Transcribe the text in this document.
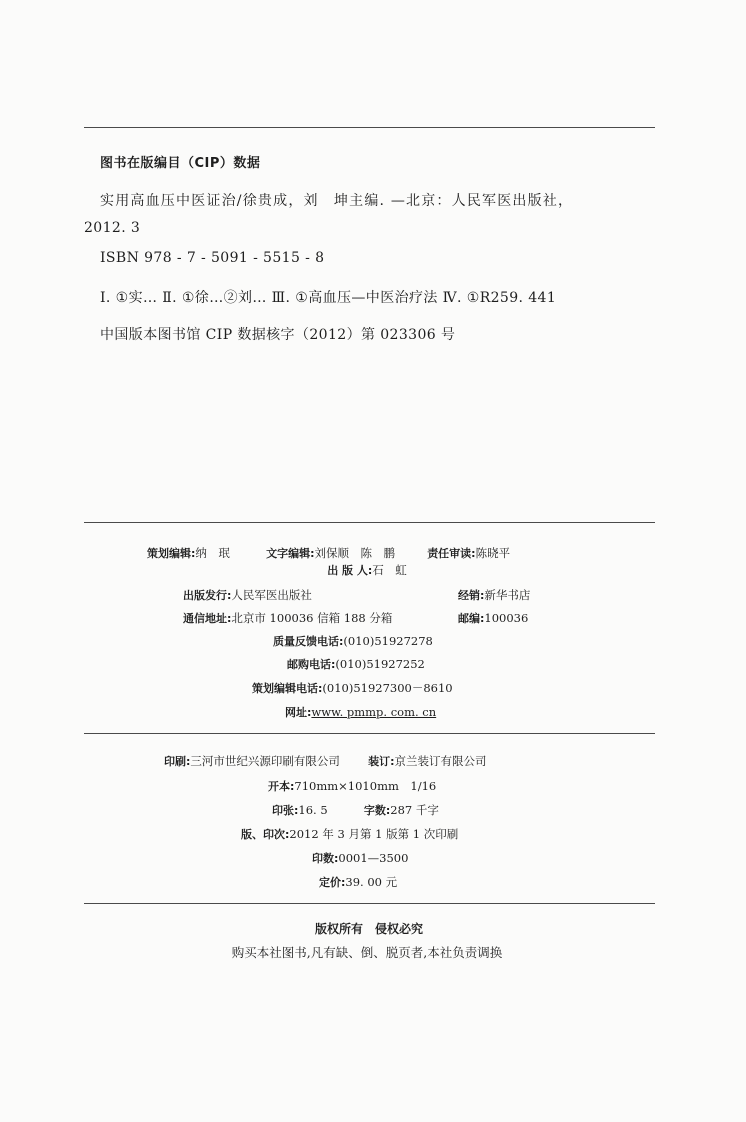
图书在版编目（CIP）数据
实用高血压中医证治/徐贵成，刘　坤主编. —北京：人民军医出版社，
2012. 3
ISBN 978 - 7 - 5091 - 5515 - 8
Ⅰ. ①实… Ⅱ. ①徐…②刘… Ⅲ. ①高血压—中医治疗法 Ⅳ. ①R259. 441
中国版本图书馆 CIP 数据核字（2012）第 023306 号
策划编辑:纳　珉	文字编辑:刘保顺　陈　鹏	责任审读:陈晓平
出 版 人:石　虹
出版发行:人民军医出版社	经销:新华书店
通信地址:北京市 100036 信箱 188 分箱	邮编:100036
质量反馈电话:(010)51927278
邮购电话:(010)51927252
策划编辑电话:(010)51927300－8610
网址:www. pmmp. com. cn
印刷:三河市世纪兴源印刷有限公司	装订:京兰装订有限公司
开本:710mm×1010mm　1/16
印张:16. 5	字数:287 千字
版、印次:2012 年 3 月第 1 版第 1 次印刷
印数:0001—3500
定价:39. 00 元
版权所有　侵权必究
购买本社图书,凡有缺、倒、脱页者,本社负责调换
